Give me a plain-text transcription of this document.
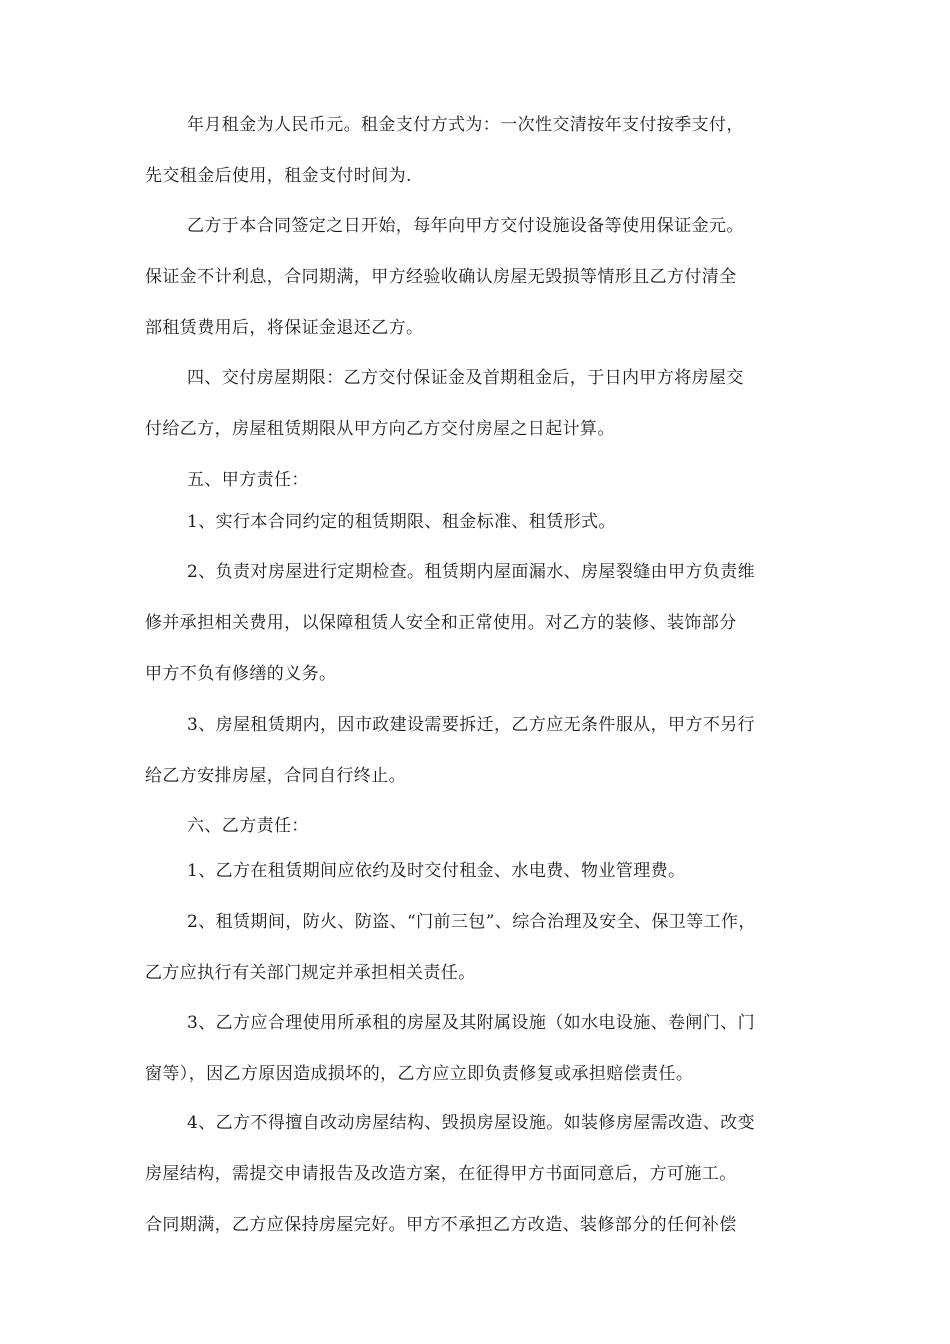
年月租金为人民币元。租金支付方式为：一次性交清按年支付按季支付，
先交租金后使用，租金支付时间为.

乙方于本合同签定之日开始，每年向甲方交付设施设备等使用保证金元。
保证金不计利息，合同期满，甲方经验收确认房屋无毁损等情形且乙方付清全
部租赁费用后，将保证金退还乙方。

四、交付房屋期限：乙方交付保证金及首期租金后，于日内甲方将房屋交
付给乙方，房屋租赁期限从甲方向乙方交付房屋之日起计算。

五、甲方责任：

1、实行本合同约定的租赁期限、租金标准、租赁形式。

2、负责对房屋进行定期检查。租赁期内屋面漏水、房屋裂缝由甲方负责维
修并承担相关费用，以保障租赁人安全和正常使用。对乙方的装修、装饰部分
甲方不负有修缮的义务。

3、房屋租赁期内，因市政建设需要拆迁，乙方应无条件服从，甲方不另行
给乙方安排房屋，合同自行终止。

六、乙方责任：

1、乙方在租赁期间应依约及时交付租金、水电费、物业管理费。

2、租赁期间，防火、防盗、“门前三包”、综合治理及安全、保卫等工作，
乙方应执行有关部门规定并承担相关责任。

3、乙方应合理使用所承租的房屋及其附属设施（如水电设施、卷闸门、门
窗等），因乙方原因造成损坏的，乙方应立即负责修复或承担赔偿责任。

4、乙方不得擅自改动房屋结构、毁损房屋设施。如装修房屋需改造、改变
房屋结构，需提交申请报告及改造方案，在征得甲方书面同意后，方可施工。
合同期满，乙方应保持房屋完好。甲方不承担乙方改造、装修部分的任何补偿
